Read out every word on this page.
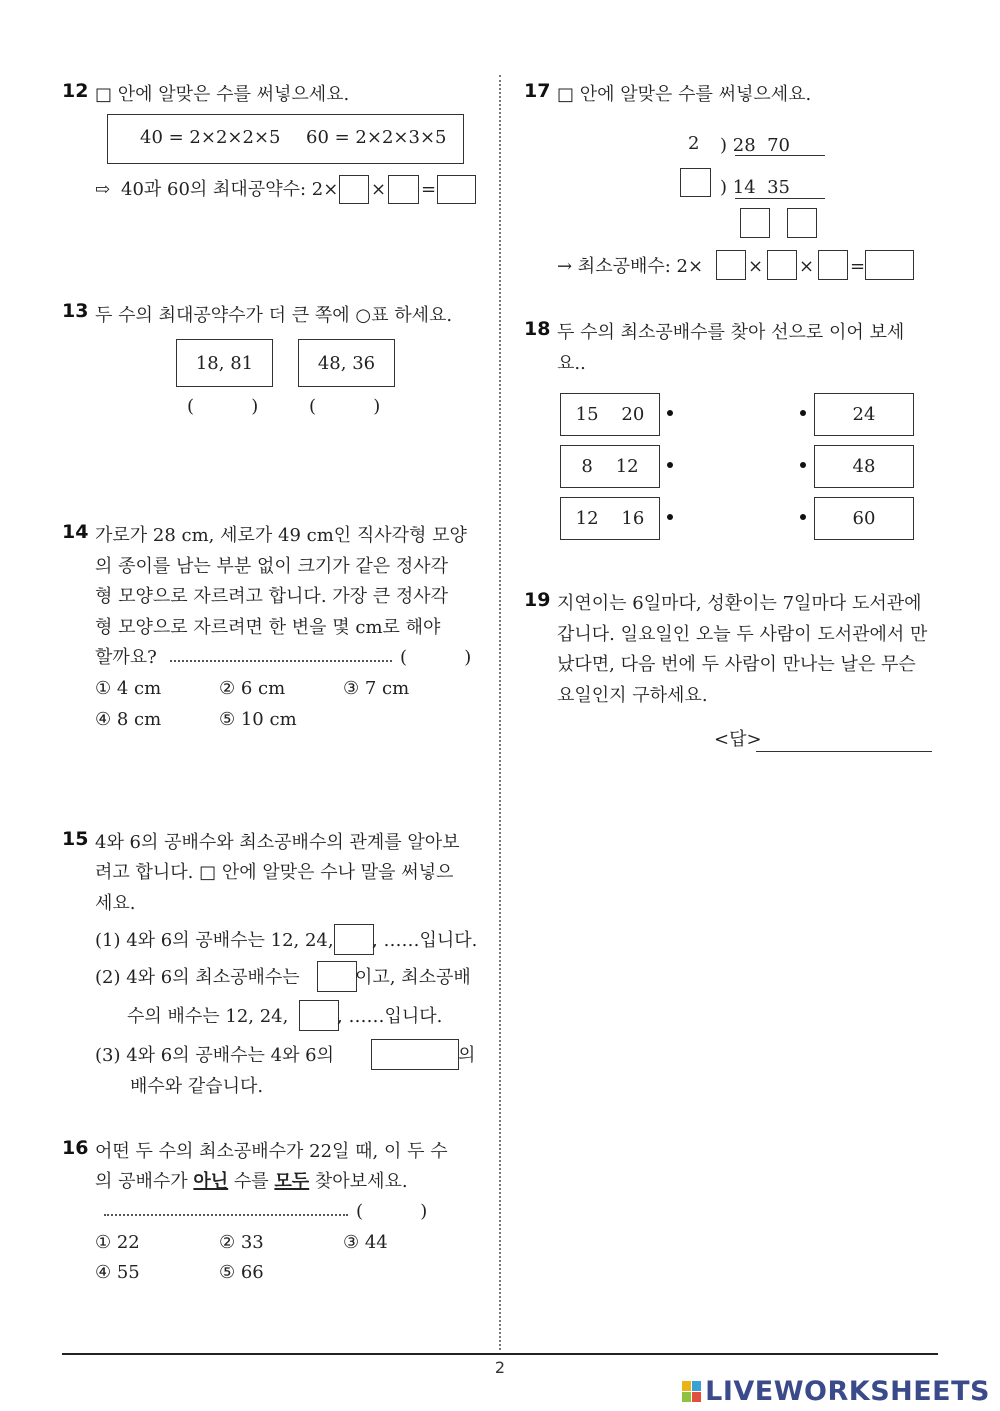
12 □ 안에 알맞은 수를 써넣으세요.
40 = 2×2×2×5 60 = 2×2×3×5
⇨ 40과 60의 최대공약수: 2× × =
13 두 수의 최대공약수가 더 큰 쪽에 ○표 하세요.
18, 81	48, 36
(          )	(          )
14 가로가 28 cm, 세로가 49 cm인 직사각형 모양
의 종이를 남는 부분 없이 크기가 같은 정사각
형 모양으로 자르려고 합니다. 가장 큰 정사각
형 모양으로 자르려면 한 변을 몇 cm로 해야
할까요?	(          )
① 4 cm	② 6 cm	③ 7 cm
④ 8 cm	⑤ 10 cm
15 4와 6의 공배수와 최소공배수의 관계를 알아보
려고 합니다. □ 안에 알맞은 수나 말을 써넣으
세요.
(1) 4와 6의 공배수는 12, 24, , ……입니다.
(2) 4와 6의 최소공배수는	이고, 최소공배
수의 배수는 12, 24,	, ……입니다.
(3) 4와 6의 공배수는 4와 6의	의
배수와 같습니다.
16 어떤 두 수의 최소공배수가 22일 때, 이 두 수
의 공배수가 아닌 수를 모두 찾아보세요.
(          )
① 22	② 33	③ 44
④ 55	⑤ 66
17 □ 안에 알맞은 수를 써넣으세요.
2 ) 28  70
) 14  35
→ 최소공배수: 2× × × =
18 두 수의 최소공배수를 찾아 선으로 이어 보세
요..
15    20
8    12
12    16
24
48
60
19 지연이는 6일마다, 성환이는 7일마다 도서관에
갑니다. 일요일인 오늘 두 사람이 도서관에서 만
났다면, 다음 번에 두 사람이 만나는 날은 무슨
요일인지 구하세요.
<답>
2
LIVEWORKSHEETS
